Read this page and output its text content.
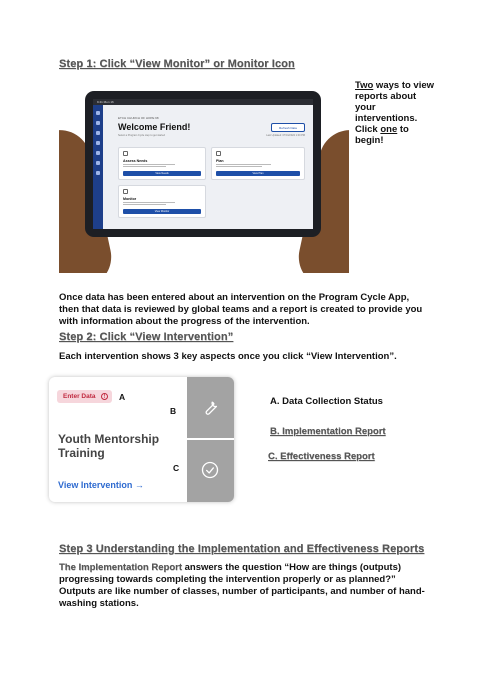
Step 1: Click “View Monitor” or Monitor Icon
9:41 Mon 16
ETCH CHURCH OF HOPE 98
Welcome Friend!
Select a Program Cycle step to get started
Refresh Data
Last Updated: 07/01/2022 1:00 PM
Assess Needs
View Needs
Plan
View Plan
Monitor
View Monitor
Two ways to view reports about your interventions. Click one to begin!
Once data has been entered about an intervention on the Program Cycle App, then that data is reviewed by global teams and a report is created to provide you with information about the progress of the intervention.
Step 2: Click “View Intervention”
Each intervention shows 3 key aspects once you click “View Intervention”.
Enter Data	!
Youth Mentorship Training
View Intervention →
A
B
C
A. Data Collection Status
B. Implementation Report
C. Effectiveness Report
Step 3 Understanding the Implementation and Effectiveness Reports
The Implementation Report answers the question “How are things (outputs) progressing towards completing the intervention properly or as planned?” Outputs are like number of classes, number of participants, and number of hand-washing stations.
